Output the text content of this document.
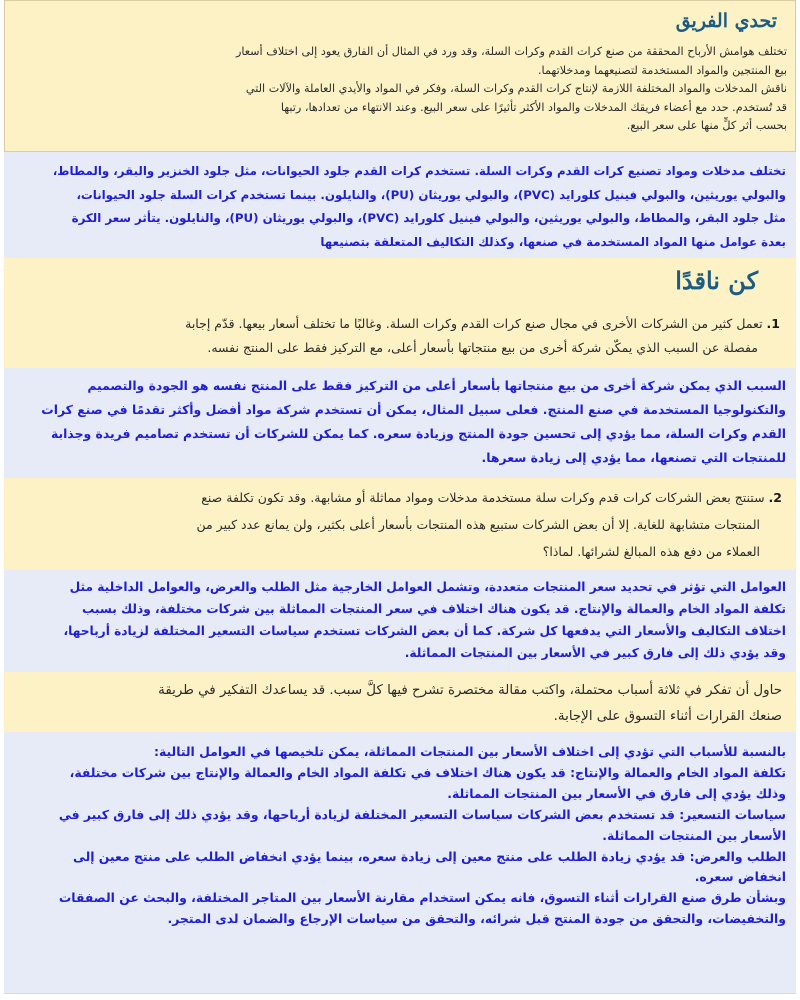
تحدي الفريق
تختلف هوامش الأرباح المحققة من صنع كرات القدم وكرات السلة، وقد ورد في المثال أن الفارق يعود إلى اختلاف أسعار
بيع المنتجين والمواد المستخدمة لتصنيعهما ومدخلاتهما.
ناقش المدخلات والمواد المختلفة اللازمة لإنتاج كرات القدم وكرات السلة، وفكر في المواد والأيدي العاملة والآلات التي
قد تُستخدم. حدد مع أعضاء فريقك المدخلات والمواد الأكثر تأثيرًا على سعر البيع. وعند الانتهاء من تعدادها، رتبها
بحسب أثر كلٍّ منها على سعر البيع.
تختلف مدخلات ومواد تصنيع كرات القدم وكرات السلة. تستخدم كرات القدم جلود الحيوانات، مثل جلود الخنزير والبقر، والمطاط،
والبولي يوريثين، والبولي فينيل كلورايد (PVC)، والبولي يوريثان (PU)، والنايلون. بينما تستخدم كرات السلة جلود الحيوانات،
مثل جلود البقر، والمطاط، والبولي يوريثين، والبولي فينيل كلورايد (PVC)، والبولي يوريثان (PU)، والنايلون. يتأثر سعر الكرة
بعدة عوامل منها المواد المستخدمة في صنعها، وكذلك التكاليف المتعلقة بتصنيعها
كن ناقدًا
1. تعمل كثير من الشركات الأخرى في مجال صنع كرات القدم وكرات السلة. وغالبًا ما تختلف أسعار بيعها. قدّم إجابة
مفصلة عن السبب الذي يمكّن شركة أخرى من بيع منتجاتها بأسعار أعلى، مع التركيز فقط على المنتج نفسه.
السبب الذي يمكن شركة أخرى من بيع منتجاتها بأسعار أعلى من التركيز فقط على المنتج نفسه هو الجودة والتصميم
والتكنولوجيا المستخدمة في صنع المنتج. فعلى سبيل المثال، يمكن أن تستخدم شركة مواد أفضل وأكثر تقدمًا في صنع كرات
القدم وكرات السلة، مما يؤدي إلى تحسين جودة المنتج وزيادة سعره. كما يمكن للشركات أن تستخدم تصاميم فريدة وجذابة
للمنتجات التي تصنعها، مما يؤدي إلى زيادة سعرها.
2. ستنتج بعض الشركات كرات قدم وكرات سلة مستخدمة مدخلات ومواد مماثلة أو مشابهة. وقد تكون تكلفة صنع
المنتجات متشابهة للغاية. إلا أن بعض الشركات ستبيع هذه المنتجات بأسعار أعلى بكثير، ولن يمانع عدد كبير من
العملاء من دفع هذه المبالغ لشرائها. لماذا؟
العوامل التي تؤثر في تحديد سعر المنتجات متعددة، وتشمل العوامل الخارجية مثل الطلب والعرض، والعوامل الداخلية مثل
تكلفة المواد الخام والعمالة والإنتاج. قد يكون هناك اختلاف في سعر المنتجات المماثلة بين شركات مختلفة، وذلك بسبب
اختلاف التكاليف والأسعار التي يدفعها كل شركة. كما أن بعض الشركات تستخدم سياسات التسعير المختلفة لزيادة أرباحها،
وقد يؤدي ذلك إلى فارق كبير في الأسعار بين المنتجات المماثلة.
حاول أن تفكر في ثلاثة أسباب محتملة، واكتب مقالة مختصرة تشرح فيها كلَّ سبب. قد يساعدك التفكير في طريقة
صنعك القرارات أثناء التسوق على الإجابة.
بالنسبة للأسباب التي تؤدي إلى اختلاف الأسعار بين المنتجات المماثلة، يمكن تلخيصها في العوامل التالية:
تكلفة المواد الخام والعمالة والإنتاج: قد يكون هناك اختلاف في تكلفة المواد الخام والعمالة والإنتاج بين شركات مختلفة،
وذلك يؤدي إلى فارق في الأسعار بين المنتجات المماثلة.
سياسات التسعير: قد تستخدم بعض الشركات سياسات التسعير المختلفة لزيادة أرباحها، وقد يؤدي ذلك إلى فارق كبير في
الأسعار بين المنتجات المماثلة.
الطلب والعرض: قد يؤدي زيادة الطلب على منتج معين إلى زيادة سعره، بينما يؤدي انخفاض الطلب على منتج معين إلى
انخفاض سعره.
وبشأن طرق صنع القرارات أثناء التسوق، فانه يمكن استخدام مقارنة الأسعار بين المتاجر المختلفة، والبحث عن الصفقات
والتخفيضات، والتحقق من جودة المنتج قبل شرائه، والتحقق من سياسات الإرجاع والضمان لدى المتجر.
